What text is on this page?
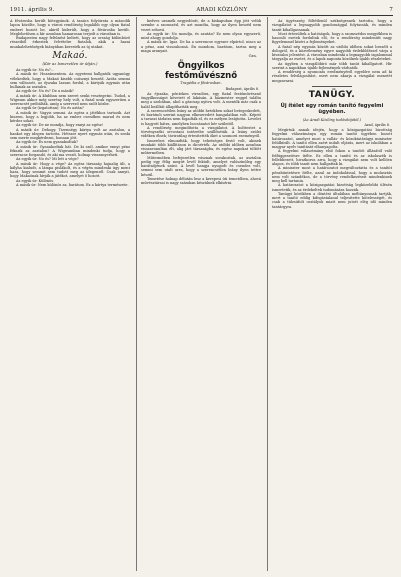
1911. április 9.	ARADI KÖZLÖNY	7

A fővárosba került kötegyánok. A tanács folyóirata a második lapon közölte, hogy a városi rendőrség legalább egy olyan fiatal embert hozott be, akiről kiderült, hogy a fővárosba került. Meglehetősen a hír azonban hamarosan terjedt a városban is.

Budapesten nagy feltűnést keltett, hogy az ország különböző részeiből érkeztek felvételre fiatalok, akik a hazai munkalehetőségek hiányában keresték az új utakat.

Makaó.

(Kör az Ismeretlen úr útján.)

Az egyik úr: No és?...

A másik úr: Hozzámentem. Az egyetemi hallgatók ugyanúgy vélekedtek, hogy a Makaó kisebb csúsznyi beszéd. Azóta semmi sem változott, az éjszaka lassan fordul, a kártyák egymás után hullanak az asztalra.

Az egyik úr: No és? De a másik?

A másik úr: A klubban nem szeret senki vesztegetni. Tudod, a Wigwam akkor még szerény hely volt, a fiatal urak egyszerűen a szerencsét próbálták, amíg a szervező nem szólt közbe.

Az egyik úr (izgatottan): No és aztán?

A másik úr: Vagyis semmi. Az egész a játékhoz tartozik. Azt hiszem, hogy a legjobb, ha az ember csendben marad és nem kérdez sokat.

Az egyik úr: De ne mondja, hogy ennyi az egész!

A másik úr: Dehogy. Tizennégy kártya volt az asztalon, a bankot egy idegen tartotta. Hétszer nyert egymás után, és senki sem merte megkérdezni, honnan jött.

Az egyik úr: És nem gyanakodtak?

A másik úr: Gyanakodtak hát. De ki szól, amikor ennyi pénz fekszik az asztalon? A Wigwamban mindenki tudja, hogy a szerencse forgandó, és aki ma veszít, holnap visszanyerheti.

Az egyik úr: No és? Mi lett a vége?

A másik úr: Hogy a vége? Az egész társaság hajnalig ült, a kályha kialudt, a lámpa pislákolt, és a végén mindenki úgy ment haza, hogy semmit sem tudott meg az idegenről. Csak annyit, hogy Makaónak hívják a játékot, amelyet ő hozott.

Az egyik úr: Különös.

A másik úr: Nem különös az, barátom. Ez a kártya természete.

kedves uramék negyedórát, de a kiskapuban épp jött velük szembe a szomszéd, és azt mondta, hogy az ilyen beszéd nem vezet sehová.

Az egyik úr: No mondja, és azután? Ez nem olyan egyszerű, mint ahogy gondolja.

A másik úr: Igaz. De ha a szerencse egyszer elpártol, nincs az a pénz, ami visszahozná. Én mondom, barátom, tartsa meg a maga aranyait.

Gra.

Öngyilkos festőművésznő

Tragédia a fővárosban.

Budapest, április 8.

Az éjszaka, pénteken virradóra, egy fiatal festőművésznő öngyilkosságot követett el lakásán. A házmester reggel találta meg a szobában, ahol a gázcsap nyitva volt. A mentők már csak a halál beálltát állapíthatták meg.

A szerencsétlen leány az utóbbi hetekben sokat betegeskedett, és barátnői szerint nagyon elkeseredett hangulatban volt. Képeit a tavaszi tárlatra nem fogadták el, és ez mélyen lesújtotta. Levelet is hagyott hátra, amelyben bocsánatot kér szüleitől.

A rendőrség megindította a vizsgálatot. A holttestet a törvényszéki orvostani intézetbe szállították. A leány szülei vidéken élnek; táviratilag értesítették őket a szomorú eseményről.

Ismerősei elmondták, hogy tehetséges festő volt, akinek munkáit több kiállításon is dicsérték. Az utóbbi időben azonban visszavonultan élt, alig járt társaságba, és egész napokat töltött műtermében.

Műtermében befejezetlen vásznak sorakoztak, az asztalon pedig egy félig megírt levél feküdt, amelyet valószínűleg egy barátnőjének szánt. A levél hangja nyugodt és csendes volt, semmi sem utalt arra, hogy a szerencsétlen leány ilyen tettre készül.

Temetése holnap délután lesz a kerepesi úti temetőben, ahová művésztársai is nagy számban készülnek elkísérni.

Az ügyészség föltétlenül szükségesnek tartotta, hogy a vizsgálatot a legnagyobb gondossággal folytassák, és minden tanút kihallgassanak.

Most értesültek a hatóságok, hogy a szomszédos megyékben is hasonló esetek fordultak elő, és a rendőrség mindenütt nagy figyelemmel kíséri a fejleményeket.

A fiatal nép egymás között az utóbbi időben sokat beszélt a dologról, és a közvélemény egyre nagyobb érdeklődéssel várja a hivatalos jelentést. A városban mindenki a legnagyobb izgalommal tárgyalja az esetet, és a lapok naponta közölnek újabb részleteket.

Az ügyben a vizsgálóbíró már több tanút kihallgatott. Hír szerint a napokban újabb fejlemények várhatók.

A rendőrség a nyomozás eredményéről egyelőre nem ad ki részletes felvilágosítást, mert nem akarja a vizsgálat menetét megzavarni.

TANÜGY.

Új ítélet egy román tanító fegyelmi ügyében.

(Az Aradi Közlöny tudósítójától.)

Arad, április 8.

Megírtuk annak idején, hogy a közigazgatási bizottság fegyelmi választmánya egy román tanító ügyében hozott határozatot, amelyet most a vallás- és közoktatásügyi miniszter felülbírált. A tanító ellen azért indult eljárás, mert az iskolában a magyar nyelv tanítását elhanyagolta.

A fegyelmi választmány első fokon a tanítót állásától való felfüggesztésre ítélte. Ez ellen a tanító és az iskolaszék is fellebbezett, hivatkozva arra, hogy a vizsgálat nem volt kellően alapos, és több tanút nem hallgattak ki.

A miniszter most a határozatot megváltoztatta és a tanítót pénzbüntetésre ítélte, azzal az indokolással, hogy a mulasztás nem volt szándékos, de a törvény rendelkezéseit mindenkinek meg kell tartania.

A határozatot a közigazgatási bizottság legközelebbi ülésén ismertetik, és az érdekeltek tudomására hozzák.

Tanügyi körökben a döntést általában méltányosnak tartják, mert a tanító eddig kifogástalanul teljesítette kötelességét, és csak a túlzsúfolt osztályok miatt nem jutott elég idő minden tantárgyra.
